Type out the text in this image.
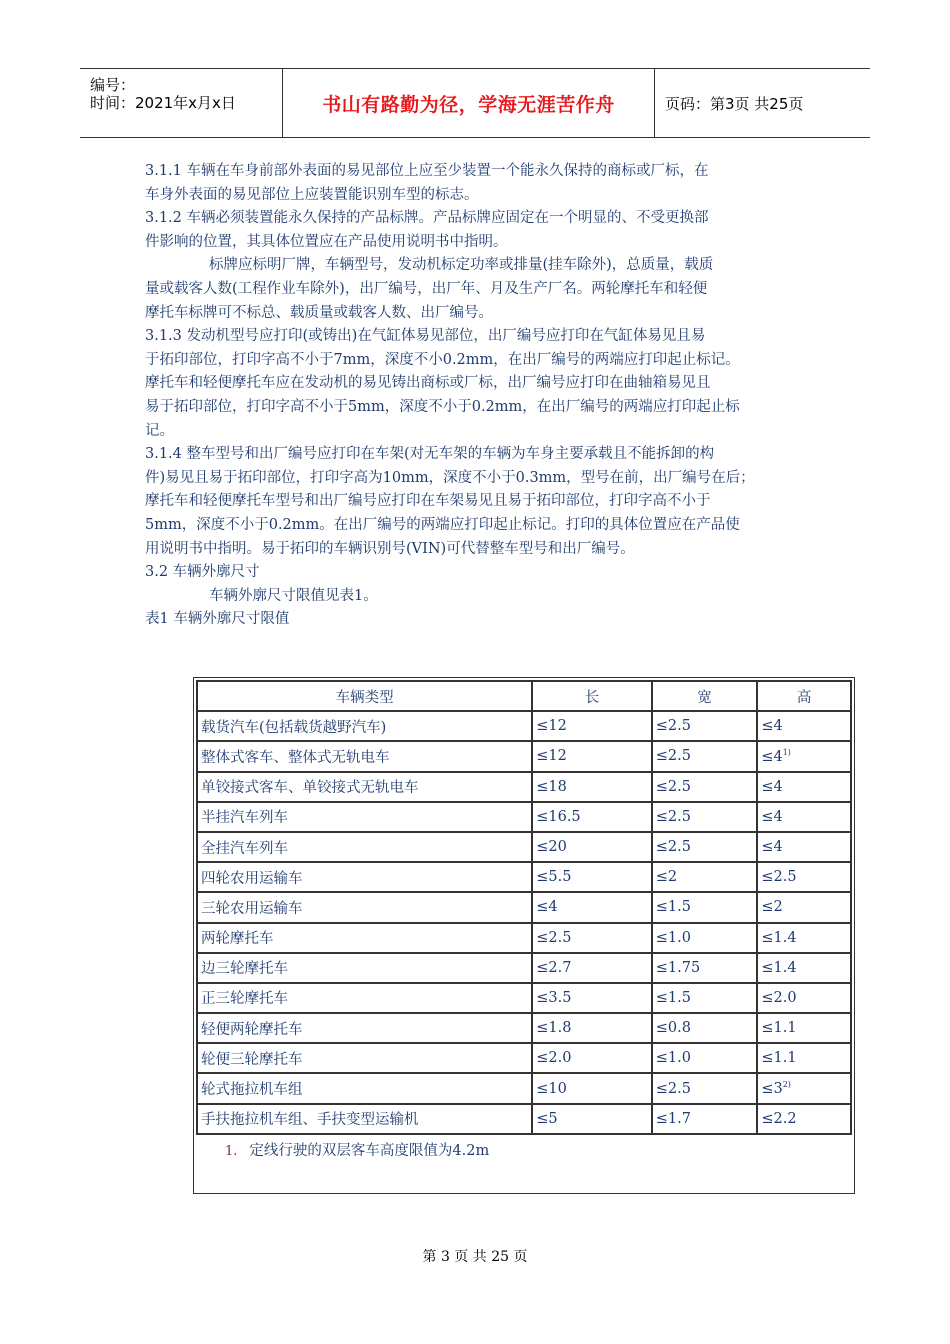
编号：
时间：2021年x月x日	书山有路勤为径，学海无涯苦作舟	页码：第3页 共25页

3.1.1 车辆在车身前部外表面的易见部位上应至少装置一个能永久保持的商标或厂标，在

车身外表面的易见部位上应装置能识别车型的标志。

3.1.2 车辆必须装置能永久保持的产品标牌。产品标牌应固定在一个明显的、不受更换部

件影响的位置，其具体位置应在产品使用说明书中指明。

标牌应标明厂牌，车辆型号，发动机标定功率或排量(挂车除外)，总质量，载质

量或载客人数(工程作业车除外)，出厂编号，出厂年、月及生产厂名。两轮摩托车和轻便

摩托车标牌可不标总、载质量或载客人数、出厂编号。

3.1.3 发动机型号应打印(或铸出)在气缸体易见部位，出厂编号应打印在气缸体易见且易

于拓印部位，打印字高不小于7mm，深度不小0.2mm，在出厂编号的两端应打印起止标记。

摩托车和轻便摩托车应在发动机的易见铸出商标或厂标，出厂编号应打印在曲轴箱易见且

易于拓印部位，打印字高不小于5mm，深度不小于0.2mm，在出厂编号的两端应打印起止标

记。

3.1.4 整车型号和出厂编号应打印在车架(对无车架的车辆为车身主要承载且不能拆卸的构

件)易见且易于拓印部位，打印字高为10mm，深度不小于0.3mm，型号在前，出厂编号在后；

摩托车和轻便摩托车型号和出厂编号应打印在车架易见且易于拓印部位，打印字高不小于

5mm，深度不小于0.2mm。在出厂编号的两端应打印起止标记。打印的具体位置应在产品使

用说明书中指明。易于拓印的车辆识别号(VIN)可代替整车型号和出厂编号。

3.2 车辆外廓尺寸

车辆外廓尺寸限值见表1。

表1 车辆外廓尺寸限值

车辆类型	长	宽	高
载货汽车(包括载货越野汽车)	≤12	≤2.5	≤4
整体式客车、整体式无轨电车	≤12	≤2.5	$\le 4^{1)}$
单铰接式客车、单铰接式无轨电车	≤18	≤2.5	≤4
半挂汽车列车	≤16.5	≤2.5	≤4
全挂汽车列车	≤20	≤2.5	≤4
四轮农用运输车	≤5.5	≤2	≤2.5
三轮农用运输车	≤4	≤1.5	≤2
两轮摩托车	≤2.5	≤1.0	≤1.4
边三轮摩托车	≤2.7	≤1.75	≤1.4
正三轮摩托车	≤3.5	≤1.5	≤2.0
轻便两轮摩托车	≤1.8	≤0.8	≤1.1
轮便三轮摩托车	≤2.0	≤1.0	≤1.1
轮式拖拉机车组	≤10	≤2.5	$\le 3^{2)}$
手扶拖拉机车组、手扶变型运输机	≤5	≤1.7	≤2.2
1. 定线行驶的双层客车高度限值为4.2m			
第 3 页 共 25 页
